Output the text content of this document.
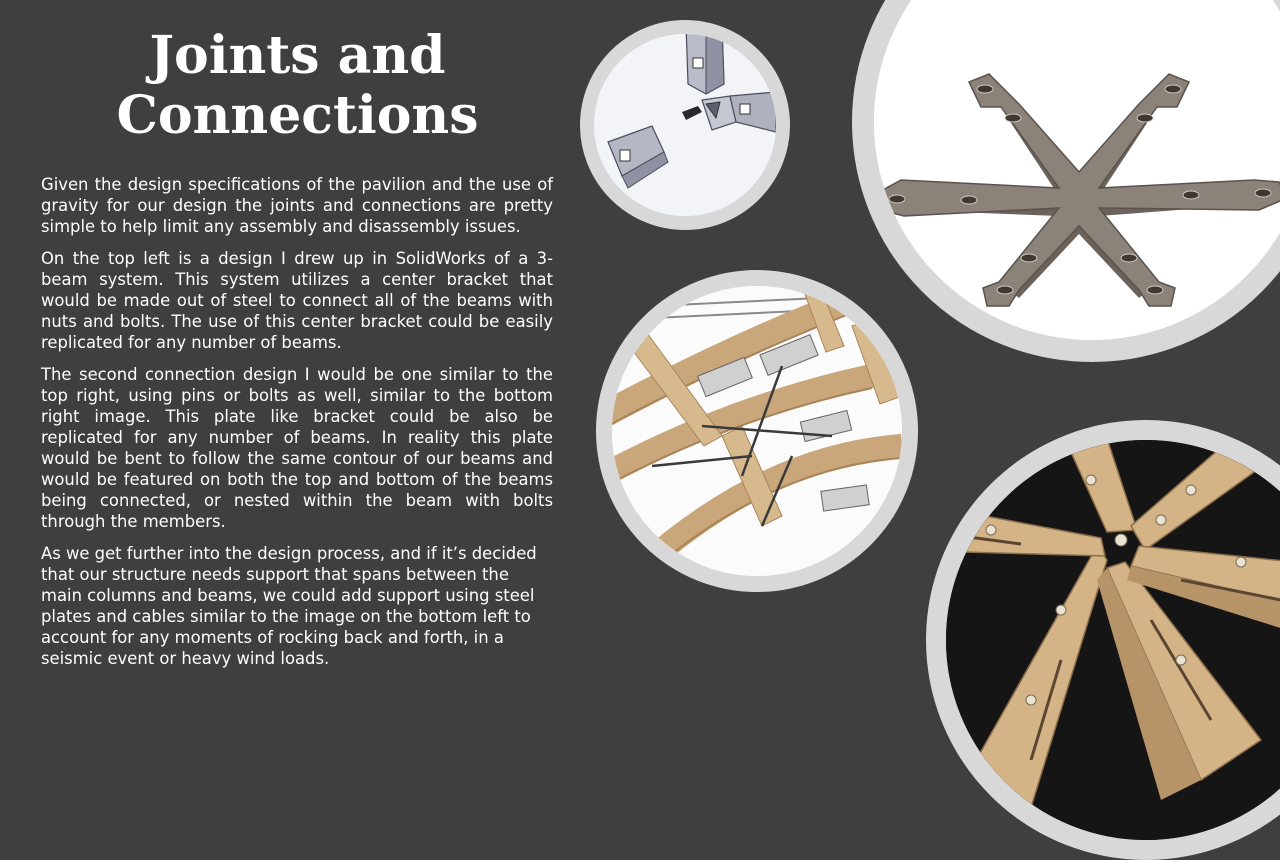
Joints and
Connections

Given the design specifications of the pavilion and the use of gravity for our design the joints and connections are pretty simple to help limit any assembly and disassembly issues.

On the top left is a design I drew up in SolidWorks of a 3-beam system. This system utilizes a center bracket that would be made out of steel to connect all of the beams with nuts and bolts. The use of this center bracket could be easily replicated for any number of beams.

The second connection design I would be one similar to the top right, using pins or bolts as well, similar to the bottom right image. This plate like bracket could be also be replicated for any number of beams. In reality this plate would be bent to follow the same contour of our beams and would be featured on both the top and bottom of the beams being connected, or nested within the beam with bolts through the members.

As we get further into the design process, and if it’s decided that our structure needs support that spans between the main columns and beams, we could add support using steel plates and cables similar to the image on the bottom left to account for any moments of rocking back and forth, in a seismic event or heavy wind loads.
